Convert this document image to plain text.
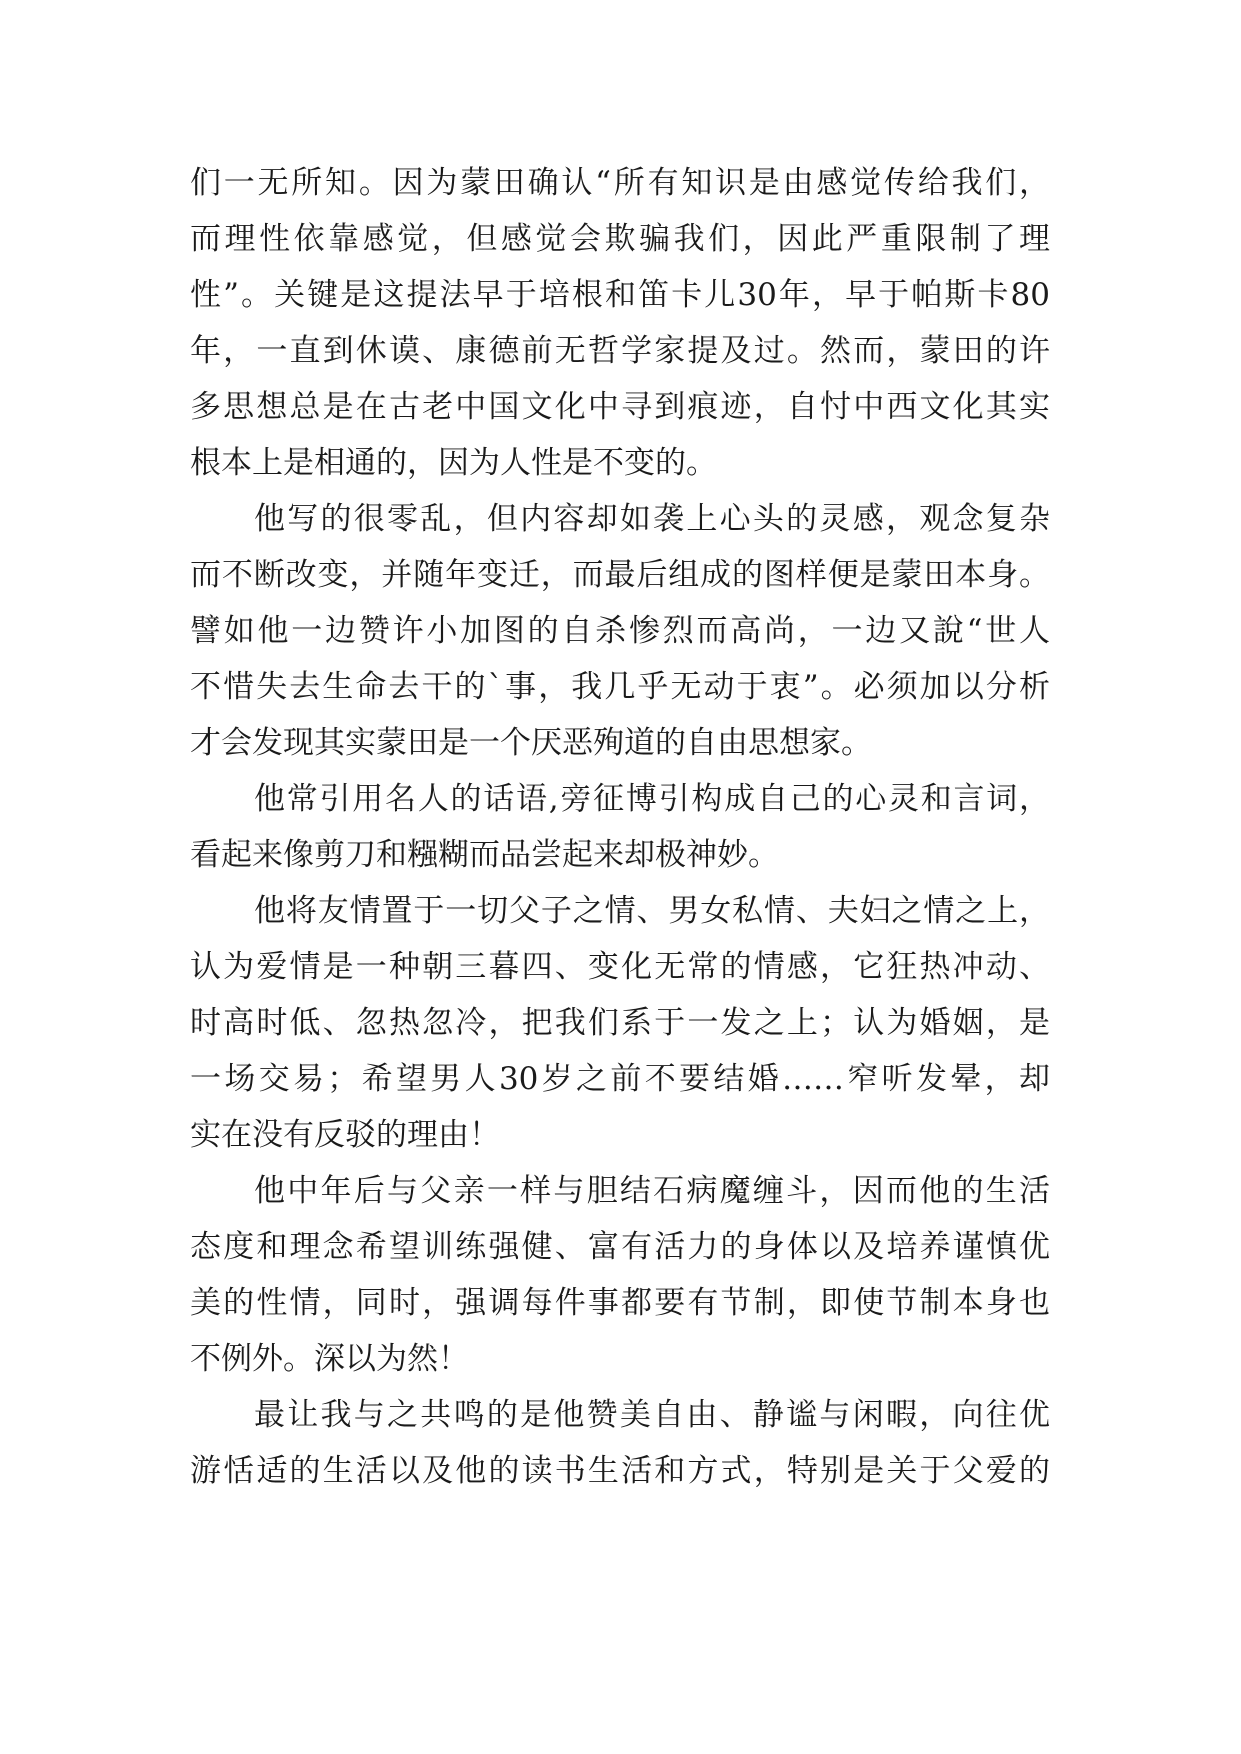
们一无所知。因为蒙田确认“所有知识是由感觉传给我们，
而理性依靠感觉，但感觉会欺骗我们，因此严重限制了理
性”。关键是这提法早于培根和笛卡儿30年，早于帕斯卡80
年，一直到休谟、康德前无哲学家提及过。然而，蒙田的许
多思想总是在古老中国文化中寻到痕迹，自忖中西文化其实
根本上是相通的，因为人性是不变的。
他写的很零乱，但内容却如袭上心头的灵感，观念复杂
而不断改变，并随年变迁，而最后组成的图样便是蒙田本身。
譬如他一边赞许小加图的自杀惨烈而高尚，一边又說“世人
不惜失去生命去干的`事，我几乎无动于衷”。必须加以分析
才会发现其实蒙田是一个厌恶殉道的自由思想家。
他常引用名人的话语,旁征博引构成自己的心灵和言词，
看起来像剪刀和糨糊而品尝起来却极神妙。
他将友情置于一切父子之情、男女私情、夫妇之情之上，
认为爱情是一种朝三暮四、变化无常的情感，它狂热冲动、
时高时低、忽热忽冷，把我们系于一发之上；认为婚姻，是
一场交易；希望男人30岁之前不要结婚……窄听发晕，却
实在没有反驳的理由！
他中年后与父亲一样与胆结石病魔缠斗，因而他的生活
态度和理念希望训练强健、富有活力的身体以及培养谨慎优
美的性情，同时，强调每件事都要有节制，即使节制本身也
不例外。深以为然！
最让我与之共鸣的是他赞美自由、静谧与闲暇，向往优
游恬适的生活以及他的读书生活和方式，特别是关于父爱的
